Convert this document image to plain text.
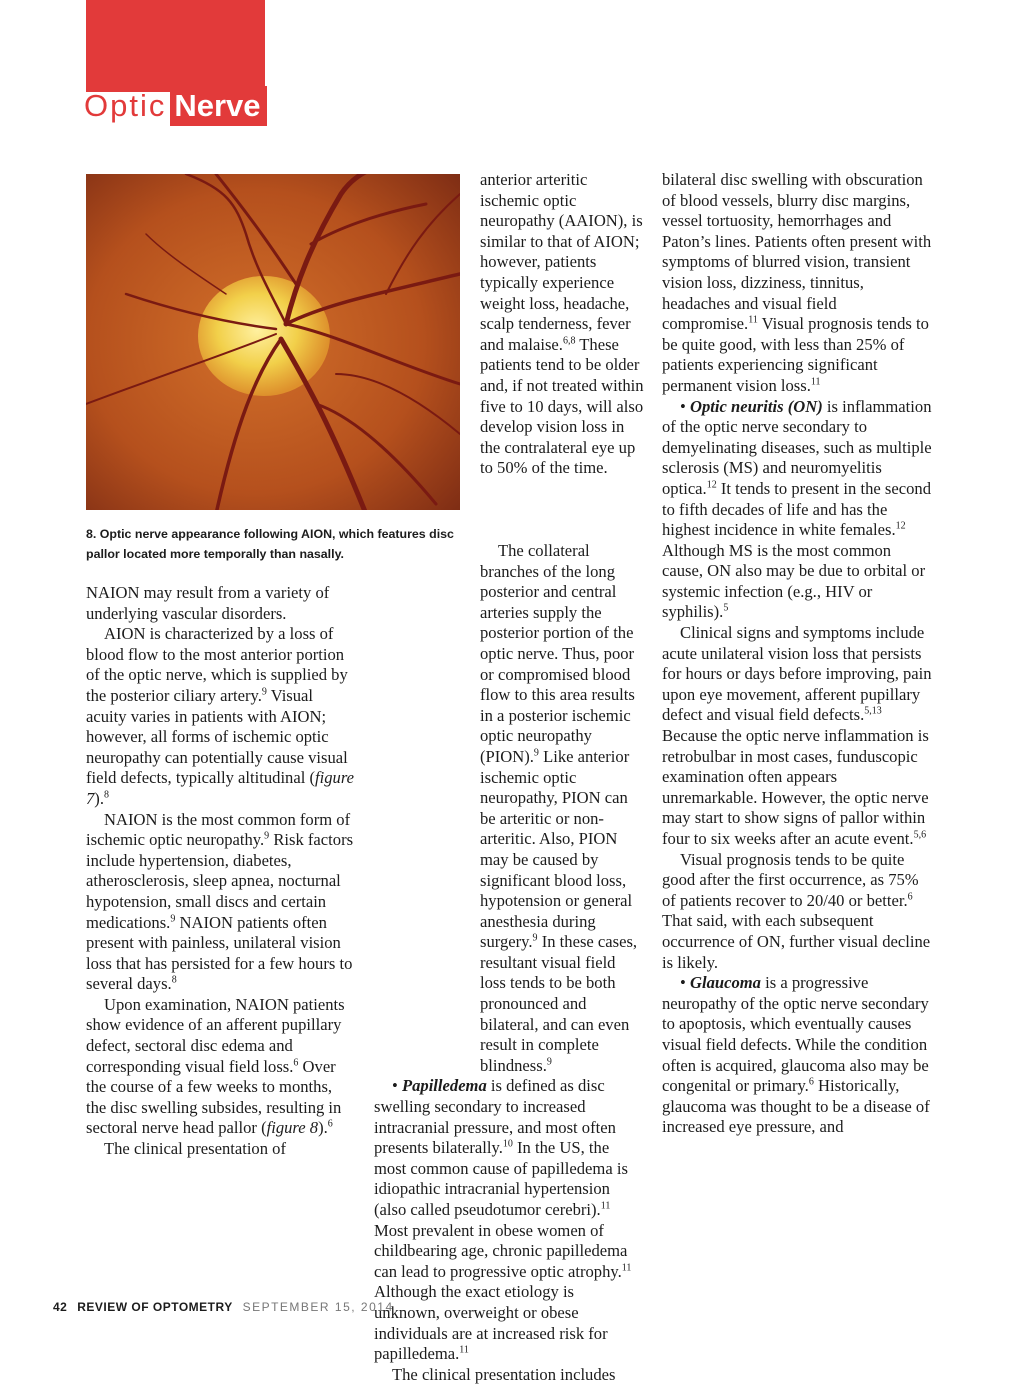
Optic Nerve
8. Optic nerve appearance following AION, which features disc pallor located more temporally than nasally.

NAION may result from a variety of underlying vascular disorders.

AION is characterized by a loss of blood flow to the most anterior portion of the optic nerve, which is supplied by the posterior ciliary artery.$^9$ Visual acuity varies in patients with AION; however, all forms of ischemic optic neuropathy can potentially cause visual field defects, typically altitudinal (figure 7).$^8$

NAION is the most common form of ischemic optic neuropathy.$^9$ Risk factors include hypertension, diabetes, atherosclerosis, sleep apnea, nocturnal hypotension, small discs and certain medications.$^9$ NAION patients often present with painless, unilateral vision loss that has persisted for a few hours to several days.$^8$

Upon examination, NAION patients show evidence of an afferent pupillary defect, sectoral disc edema and corresponding visual field loss.$^6$ Over the course of a few weeks to months, the disc swelling subsides, resulting in sectoral nerve head pallor (figure 8).$^6$

The clinical presentation of

anterior arteritic ischemic optic neuropathy (AAION), is similar to that of AION; however, patients typically experience weight loss, headache, scalp tenderness, fever and malaise.$^{6,8}$ These patients tend to be older and, if not treated within five to 10 days, will also develop vision loss in the contralateral eye up to 50% of the time.

The collateral branches of the long posterior and central arteries supply the posterior portion of the optic nerve. Thus, poor or compromised blood flow to this area results in a posterior ischemic optic neuropathy (PION).$^9$ Like anterior ischemic optic neuropathy, PION can be arteritic or non-arteritic. Also, PION may be caused by significant blood loss, hypotension or general anesthesia during surgery.$^9$ In these cases, resultant visual field loss tends to be both pronounced and bilateral, and can even result in complete blindness.$^9$

• Papilledema is defined as disc swelling secondary to increased intracranial pressure, and most often presents bilaterally.$^{10}$ In the US, the most common cause of papilledema is idiopathic intracranial hypertension (also called pseudotumor cerebri).$^{11}$ Most prevalent in obese women of childbearing age, chronic papilledema can lead to progressive optic atrophy.$^{11}$ Although the exact etiology is unknown, overweight or obese individuals are at increased risk for papilledema.$^{11}$

The clinical presentation includes

bilateral disc swelling with obscuration of blood vessels, blurry disc margins, vessel tortuosity, hemorrhages and Paton’s lines. Patients often present with symptoms of blurred vision, transient vision loss, dizziness, tinnitus, headaches and visual field compromise.$^{11}$ Visual prognosis tends to be quite good, with less than 25% of patients experiencing significant permanent vision loss.$^{11}$

• Optic neuritis (ON) is inflammation of the optic nerve secondary to demyelinating diseases, such as multiple sclerosis (MS) and neuromyelitis optica.$^{12}$ It tends to present in the second to fifth decades of life and has the highest incidence in white females.$^{12}$ Although MS is the most common cause, ON also may be due to orbital or systemic infection (e.g., HIV or syphilis).$^5$

Clinical signs and symptoms include acute unilateral vision loss that persists for hours or days before improving, pain upon eye movement, afferent pupillary defect and visual field defects.$^{5,13}$ Because the optic nerve inflammation is retrobulbar in most cases, funduscopic examination often appears unremarkable. However, the optic nerve may start to show signs of pallor within four to six weeks after an acute event.$^{5,6}$

Visual prognosis tends to be quite good after the first occurrence, as 75% of patients recover to 20/40 or better.$^6$ That said, with each subsequent occurrence of ON, further visual decline is likely.

• Glaucoma is a progressive neuropathy of the optic nerve secondary to apoptosis, which eventually causes visual field defects. While the condition often is acquired, glaucoma also may be congenital or primary.$^6$ Historically, glaucoma was thought to be a disease of increased eye pressure, and

42 REVIEW OF OPTOMETRY SEPTEMBER 15, 2014
